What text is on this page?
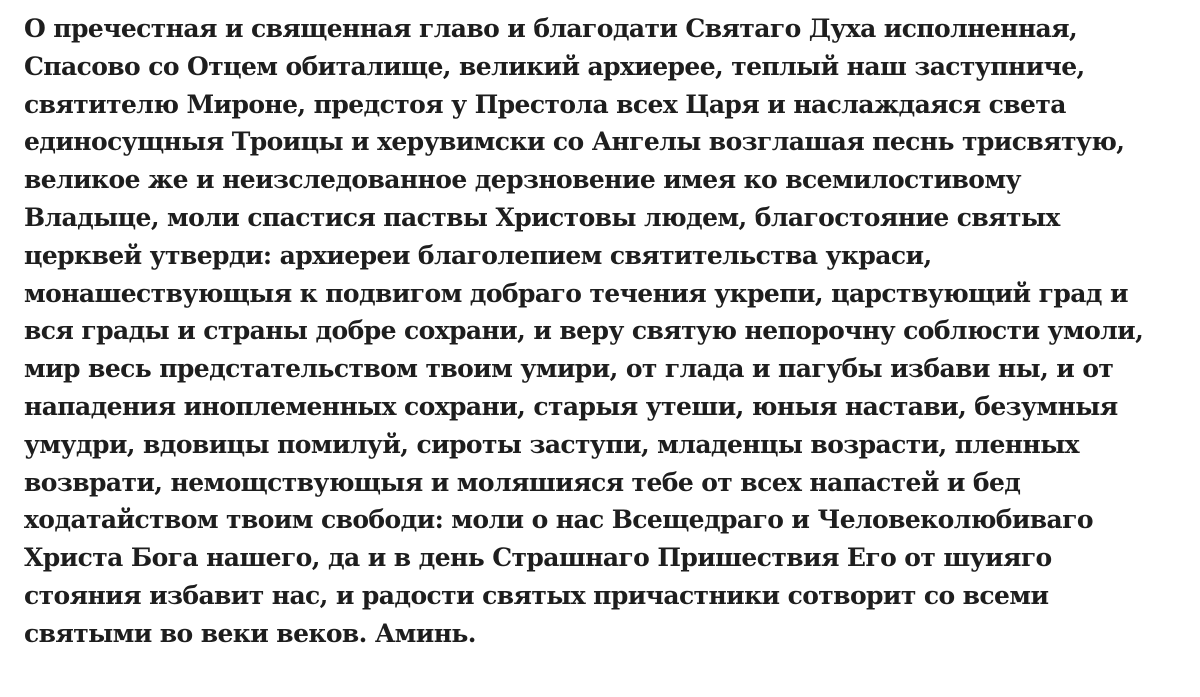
О пречестная и священная главо и благодати Святаго Духа исполненная,
Спасово со Отцем обиталище, великий архиерее, теплый наш заступниче,
святителю Мироне, предстоя у Престола всех Царя и наслаждаяся света
единосущныя Троицы и херувимски со Ангелы возглашая песнь трисвятую,
великое же и неизследованное дерзновение имея ко всемилостивому
Владыце, моли спастися паствы Христовы людем, благостояние святых
церквей утверди: архиереи благолепием святительства украси,
монашествующыя к подвигом добраго течения укрепи, царствующий град и
вся грады и страны добре сохрани, и веру святую непорочну соблюсти умоли,
мир весь предстательством твоим умири, от глада и пагубы избави ны, и от
нападения иноплеменных сохрани, старыя утеши, юныя настави, безумныя
умудри, вдовицы помилуй, сироты заступи, младенцы возрасти, пленных
возврати, немощствующыя и моляшияся тебе от всех напастей и бед
ходатайством твоим свободи: моли о нас Всещедраго и Человеколюбиваго
Христа Бога нашего, да и в день Страшнаго Пришествия Его от шуияго
стояния избавит нас, и радости святых причастники сотворит со всеми
святыми во веки веков. Аминь.
